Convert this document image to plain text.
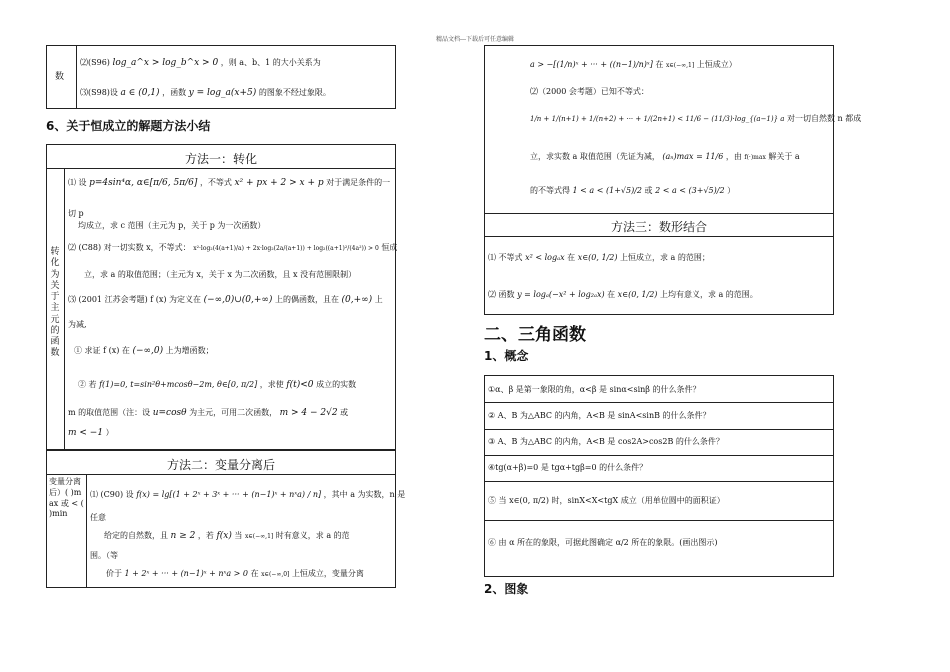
精品文档---下载后可任意编辑
数
⑵(S96) log_a^x > log_b^x > 0 ，则 a、b、1 的大小关系为
⑶(S98)设 a ∈ (0,1) ，函数 y = log_a(x+5) 的图象不经过象限。
6、关于恒成立的解题方法小结
方法一：转化
转化为关于主元的函数
⑴ 设 p=4sin⁴α, α∈[π/6, 5π/6] ，不等式 x² + px + 2 > x + p 对于满足条件的一
切 p
均成立，求 c 范围（主元为 p，关于 p 为一次函数）
⑵ (C88) 对一切实数 x，不等式： x²·log₂(4(a+1)/a) + 2x·log₂(2a/(a+1)) + log₂((a+1)²/(4a²)) > 0 恒成
立，求 a 的取值范围；（主元为 x，关于 x 为二次函数，且 x 没有范围限制）
⑶ (2001 江苏会考题) f (x) 为定义在 (−∞,0)∪(0,+∞) 上的偶函数，且在 (0,+∞) 上
为减,
① 求证 f (x) 在 (−∞,0) 上为增函数；
② 若 f(1)=0, t=sin²θ+mcosθ−2m, θ∈[0, π/2] ，求使 f(t)<0 成立的实数
m 的取值范围（注：设 u=cosθ 为主元，可用二次函数， m > 4 − 2√2 或
m < −1 ）
方法二：变量分离后
变量分离后）( )max 或 < ( )min
⑴ (C90) 设 f(x) = lg[(1 + 2ˣ + 3ˣ + ··· + (n−1)ˣ + nˣa) / n] ，其中 a 为实数，n 是
任意
给定的自然数，且 n ≥ 2 ，若 f(x) 当 x∈(−∞,1] 时有意义，求 a 的范
围。（等
价于 1 + 2ˣ + ··· + (n−1)ˣ + nˣa > 0 在 x∈(−∞,0] 上恒成立，变量分离
a > −[(1/n)ˣ + ··· + ((n−1)/n)ˣ] 在 x∈(−∞,1] 上恒成立）
⑵（2000 会考题）已知不等式：
1/n + 1/(n+1) + 1/(n+2) + ··· + 1/(2n+1) < 11/6 − (11/3)·log_{(a−1)} a 对一切自然数 n 都成
立，求实数 a 取值范围（先证为减， (aₙ)max = 11/6 ，由 f(·)max 解关于 a
的不等式得 1 < a < (1+√5)/2 或 2 < a < (3+√5)/2 ）
方法三：数形结合
⑴ 不等式 x² < logₐx 在 x∈(0, 1/2) 上恒成立，求 a 的范围；
⑵ 函数 y = logₐ(−x² + log₂ₐx) 在 x∈(0, 1/2) 上均有意义，求 a 的范围。
二、三角函数
1、概念
①α、β 是第一象限的角，α<β 是 sinα<sinβ 的什么条件？
② A、B 为△ABC 的内角，A<B 是 sinA<sinB 的什么条件？
③ A、B 为△ABC 的内角，A<B 是 cos2A>cos2B 的什么条件？
④tg(α+β)=0 是 tgα+tgβ=0 的什么条件？
⑤ 当 x∈(0, π/2) 时，sinX<X<tgX 成立（用单位圆中的面积证）
⑥ 由 α 所在的象限，可据此图确定 α/2 所在的象限。(画出图示)
2、图象
